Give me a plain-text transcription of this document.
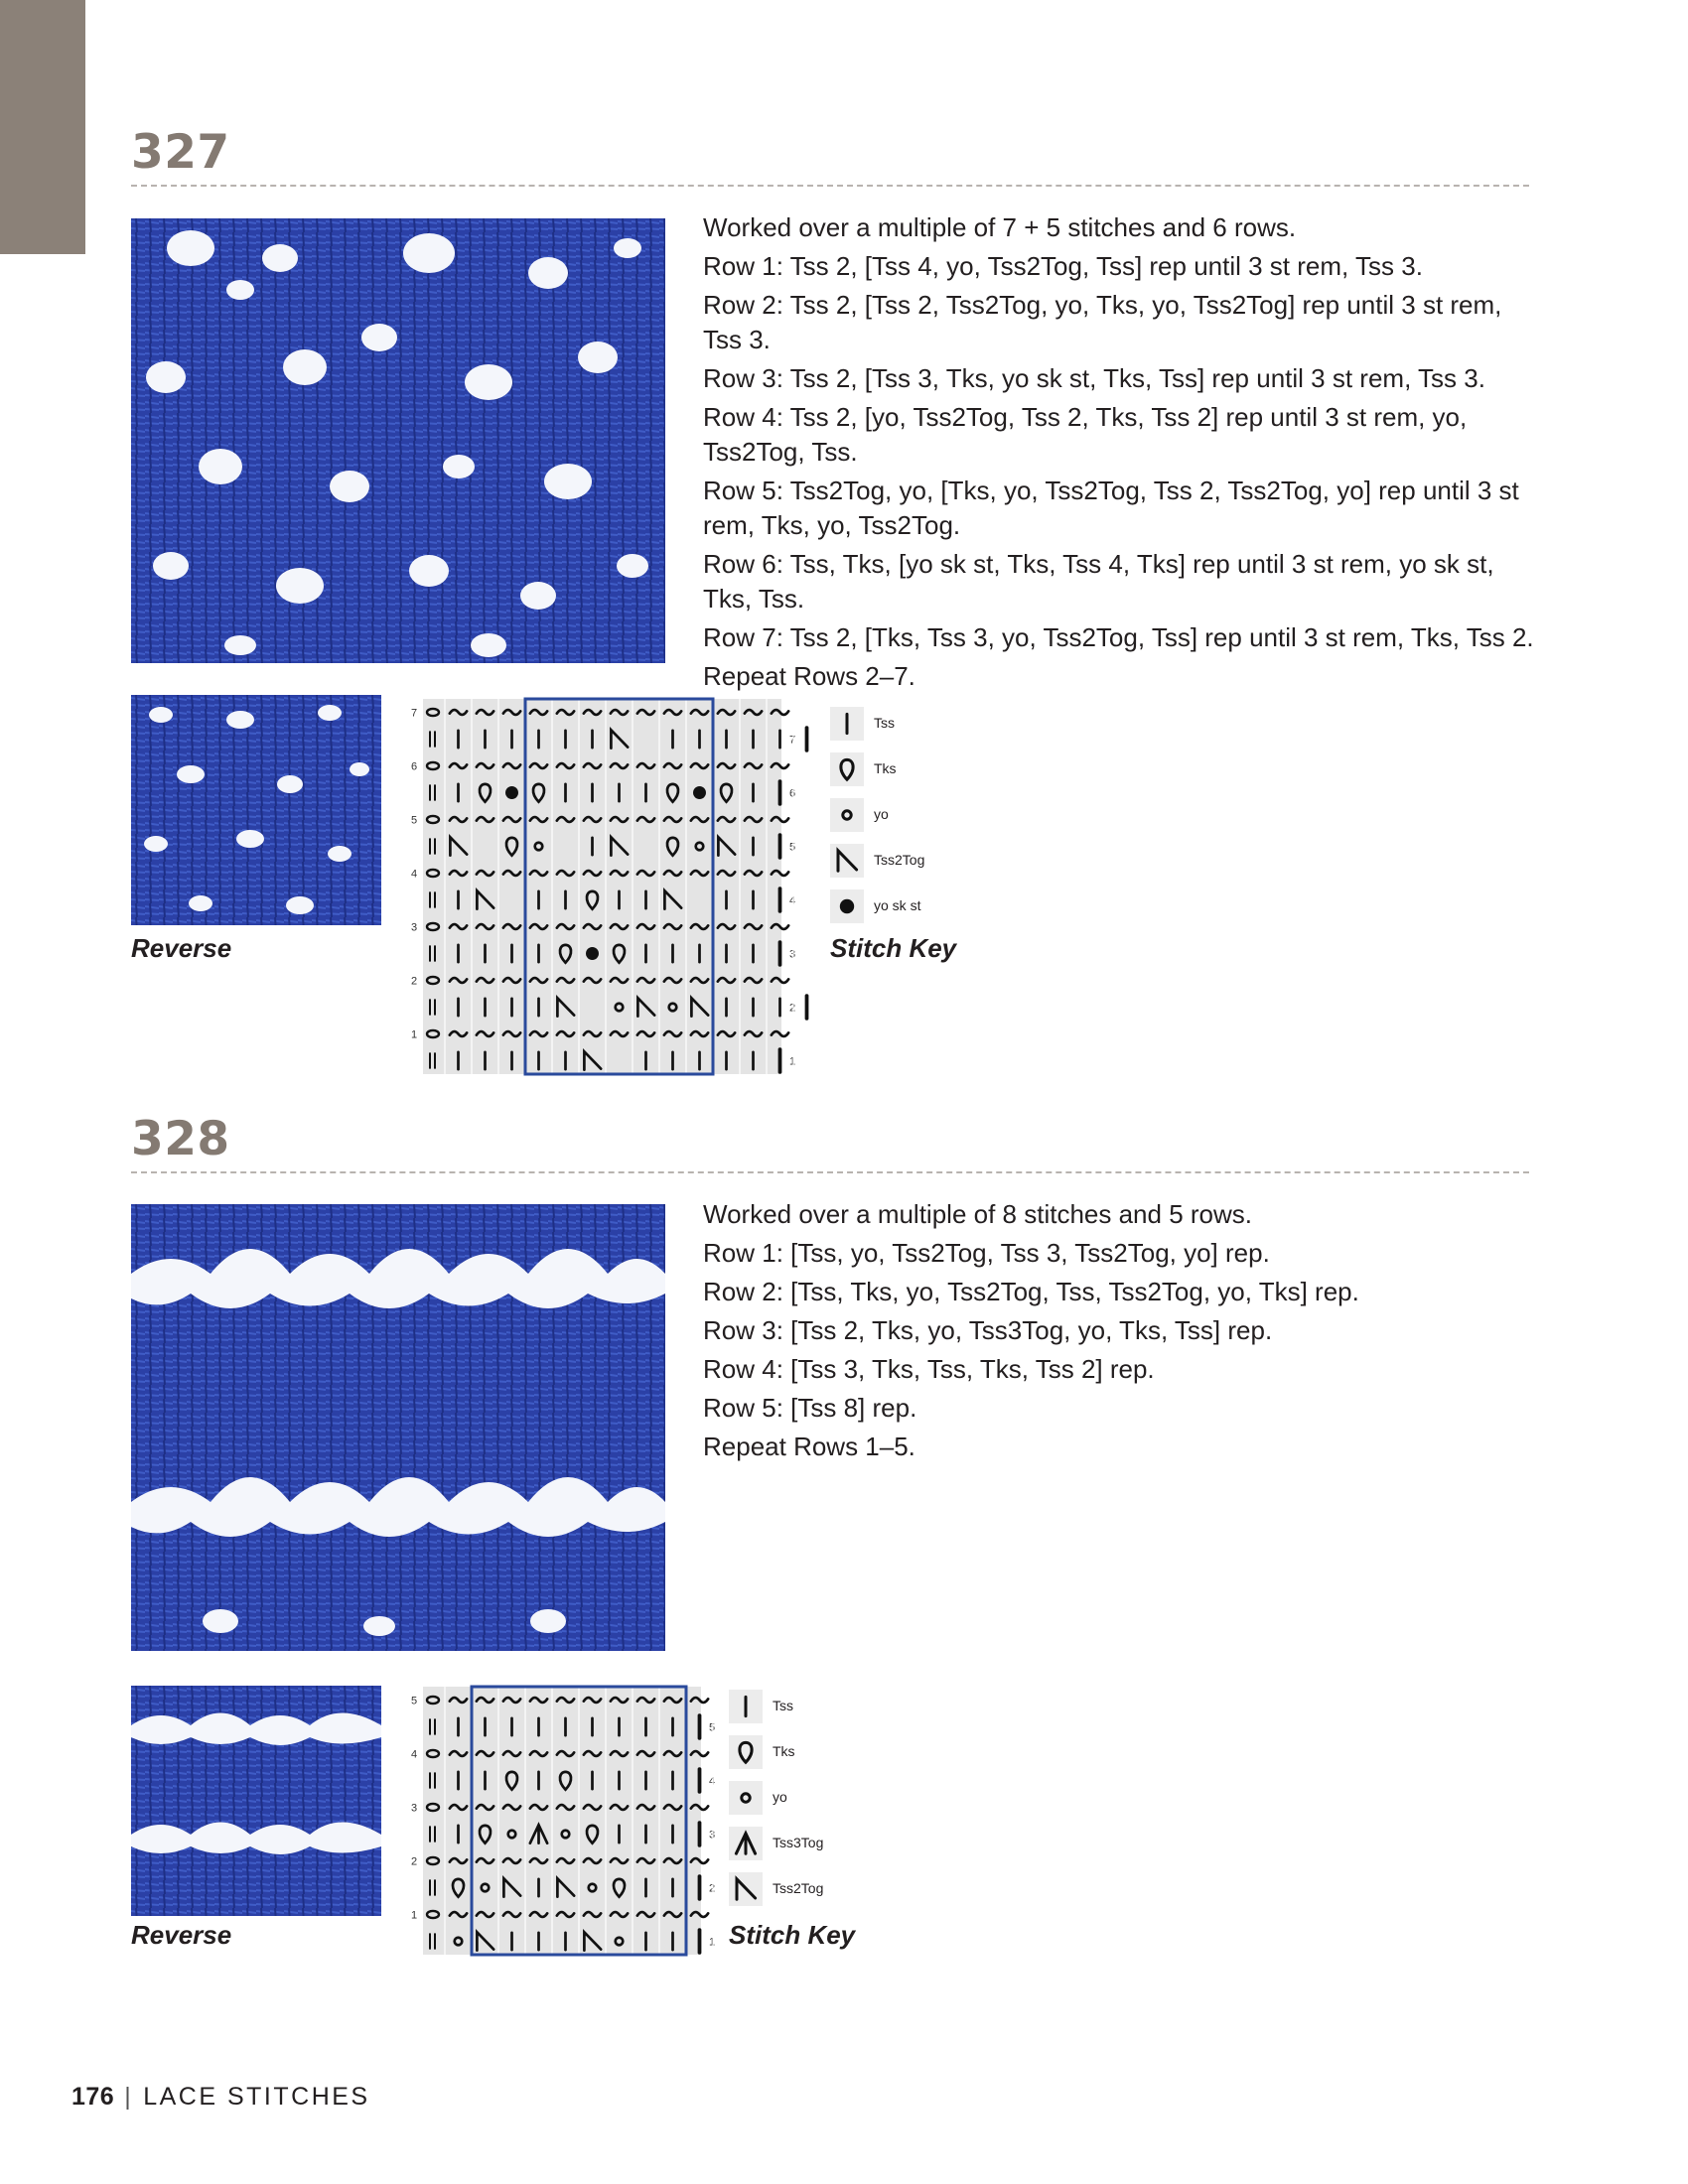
327

Worked over a multiple of 7 + 5 stitches and 6 rows.

Row 1: Tss 2, [Tss 4, yo, Tss2Tog, Tss] rep until 3 st rem, Tss 3.

Row 2: Tss 2, [Tss 2, Tss2Tog, yo, Tks, yo, Tss2Tog] rep until 3 st rem, Tss 3.

Row 3: Tss 2, [Tss 3, Tks, yo sk st, Tks, Tss] rep until 3 st rem, Tss 3.

Row 4: Tss 2, [yo, Tss2Tog, Tss 2, Tks, Tss 2] rep until 3 st rem, yo, Tss2Tog, Tss.

Row 5: Tss2Tog, yo, [Tks, yo, Tss2Tog, Tss 2, Tss2Tog, yo] rep until 3 st rem, Tks, yo, Tss2Tog.

Row 6: Tss, Tks, [yo sk st, Tks, Tss 4, Tks] rep until 3 st rem, yo sk st, Tks, Tss.

Row 7: Tss 2, [Tks, Tss 3, yo, Tss2Tog, Tss] rep until 3 st rem, Tks, Tss 2.

Repeat Rows 2–7.

Reverse
7
7
6
6
5
5
4
4
3
3
2
2
1
1
Tss
Tks
yo
Tss2Tog
yo sk st
Stitch Key
328

Worked over a multiple of 8 stitches and 5 rows.

Row 1: [Tss, yo, Tss2Tog, Tss 3, Tss2Tog, yo] rep.

Row 2: [Tss, Tks, yo, Tss2Tog, Tss, Tss2Tog, yo, Tks] rep.

Row 3: [Tss 2, Tks, yo, Tss3Tog, yo, Tks, Tss] rep.

Row 4: [Tss 3, Tks, Tss, Tks, Tss 2] rep.

Row 5: [Tss 8] rep.

Repeat Rows 1–5.

Reverse
5
5
4
4
3
3
2
2
1
1
Tss
Tks
yo
Tss3Tog
Tss2Tog
Stitch Key
176 | LACE STITCHES
